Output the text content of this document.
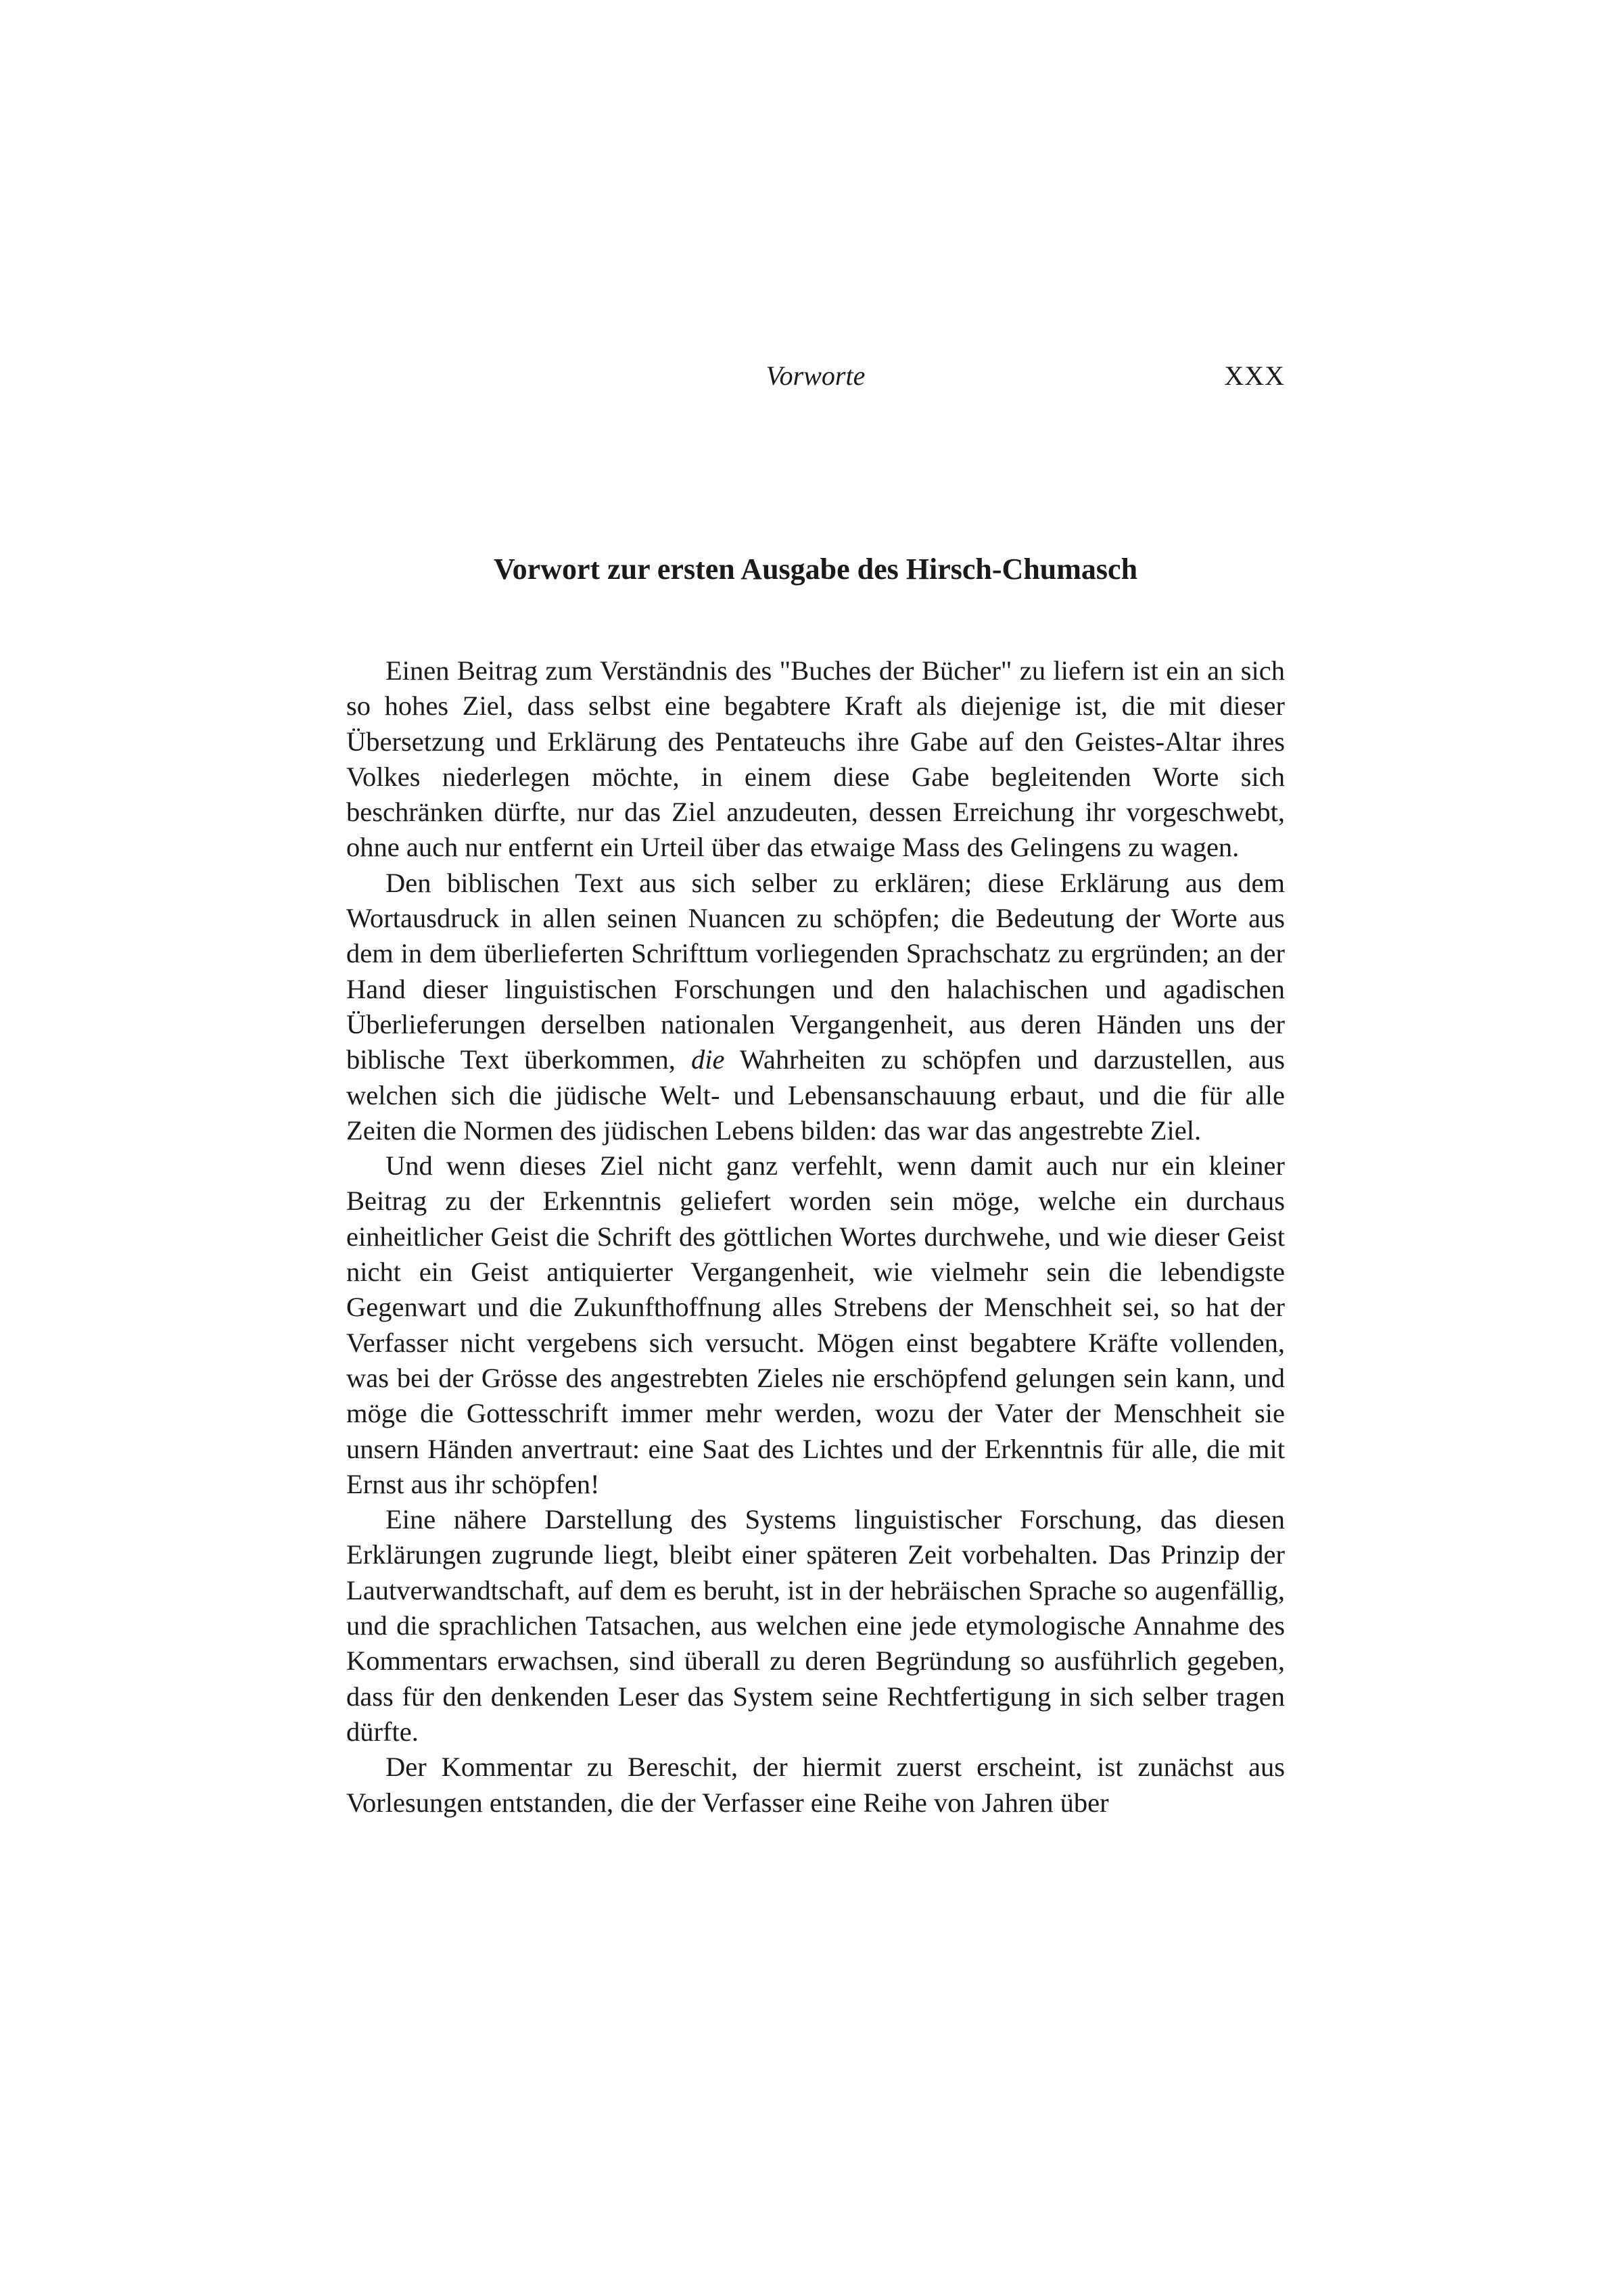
Vorworte	XXX
Vorwort zur ersten Ausgabe des Hirsch-Chumasch

Einen Beitrag zum Verständnis des "Buches der Bücher" zu liefern ist ein an sich so hohes Ziel, dass selbst eine begabtere Kraft als diejenige ist, die mit dieser Übersetzung und Erklärung des Pentateuchs ihre Gabe auf den Geistes-Altar ihres Volkes niederlegen möchte, in einem diese Gabe begleitenden Worte sich beschränken dürfte, nur das Ziel anzudeuten, dessen Erreichung ihr vorgeschwebt, ohne auch nur entfernt ein Urteil über das etwaige Mass des Gelingens zu wagen.

Den biblischen Text aus sich selber zu erklären; diese Erklärung aus dem Wortausdruck in allen seinen Nuancen zu schöpfen; die Bedeutung der Worte aus dem in dem überlieferten Schrifttum vorliegenden Sprachschatz zu ergründen; an der Hand dieser linguistischen Forschungen und den halachischen und agadischen Überlieferungen derselben nationalen Vergangenheit, aus deren Händen uns der biblische Text überkommen, die Wahrheiten zu schöpfen und darzustellen, aus welchen sich die jüdische Welt- und Lebensanschauung erbaut, und die für alle Zeiten die Normen des jüdischen Lebens bilden: das war das angestrebte Ziel.

Und wenn dieses Ziel nicht ganz verfehlt, wenn damit auch nur ein kleiner Beitrag zu der Erkenntnis geliefert worden sein möge, welche ein durchaus einheitlicher Geist die Schrift des göttlichen Wortes durchwehe, und wie dieser Geist nicht ein Geist antiquierter Vergangenheit, wie vielmehr sein die lebendigste Gegenwart und die Zukunfthoffnung alles Strebens der Menschheit sei, so hat der Verfasser nicht vergebens sich versucht. Mögen einst begabtere Kräfte vollenden, was bei der Grösse des angestrebten Zieles nie erschöpfend gelungen sein kann, und möge die Gottesschrift immer mehr werden, wozu der Vater der Menschheit sie unsern Händen anvertraut: eine Saat des Lichtes und der Erkenntnis für alle, die mit Ernst aus ihr schöpfen!

Eine nähere Darstellung des Systems linguistischer Forschung, das diesen Erklärungen zugrunde liegt, bleibt einer späteren Zeit vorbehalten. Das Prinzip der Lautverwandtschaft, auf dem es beruht, ist in der hebräischen Sprache so augenfällig, und die sprachlichen Tatsachen, aus welchen eine jede etymologische Annahme des Kommentars erwachsen, sind überall zu deren Begründung so ausführlich gegeben, dass für den denkenden Leser das System seine Rechtfertigung in sich selber tragen dürfte.

Der Kommentar zu Bereschit, der hiermit zuerst erscheint, ist zunächst aus Vorlesungen entstanden, die der Verfasser eine Reihe von Jahren über
